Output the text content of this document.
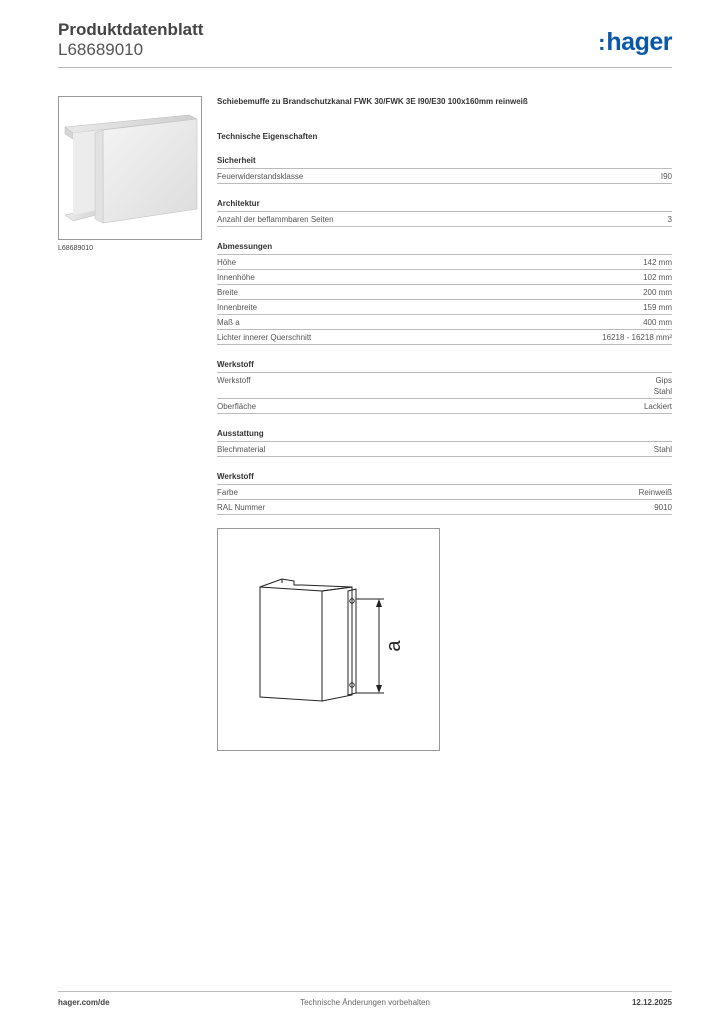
Produktdatenblatt
L68689010	:hager
L68689010
Schiebemuffe zu Brandschutzkanal FWK 30/FWK 3E I90/E30 100x160mm reinweiß
Technische Eigenschaften
Sicherheit
Feuerwiderstandsklasse	I90
Architektur
Anzahl der beflammbaren Seiten	3
Abmessungen
Höhe	142 mm
Innenhöhe	102 mm
Breite	200 mm
Innenbreite	159 mm
Maß a	400 mm
Lichter innerer Querschnitt	16218 - 16218 mm²
Werkstoff
Werkstoff	Gips
Stahl
Oberfläche	Lackiert
Ausstattung
Blechmaterial	Stahl
Werkstoff
Farbe	Reinweiß
RAL Nummer	9010
a
hager.com/de	Technische Änderungen vorbehalten	12.12.2025
